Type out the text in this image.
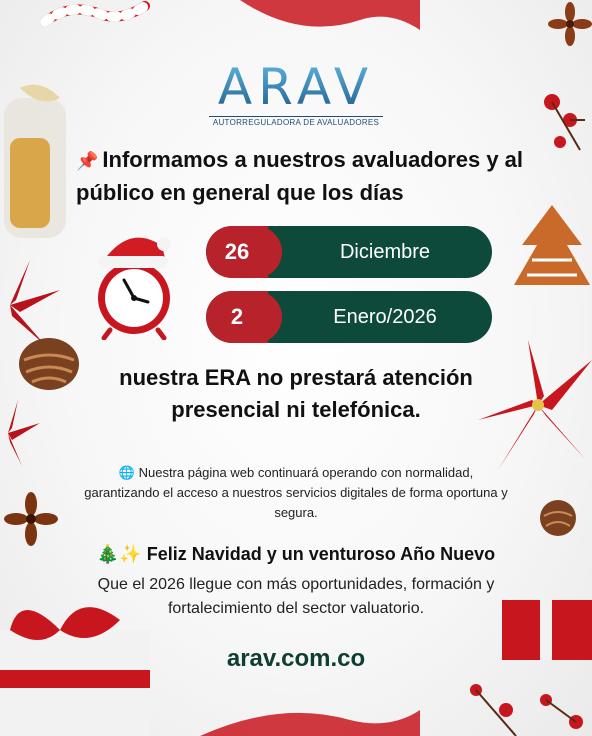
ARAV
AUTORREGULADORA DE AVALUADORES
📌 Informamos a nuestros avaluadores y al público en general que los días
26	Diciembre
2	Enero/2026
nuestra ERA no prestará atención presencial ni telefónica.
🌐 Nuestra página web continuará operando con normalidad, garantizando el acceso a nuestros servicios digitales de forma oportuna y segura.
🎄✨ Feliz Navidad y un venturoso Año Nuevo
Que el 2026 llegue con más oportunidades, formación y fortalecimiento del sector valuatorio.
arav.com.co
